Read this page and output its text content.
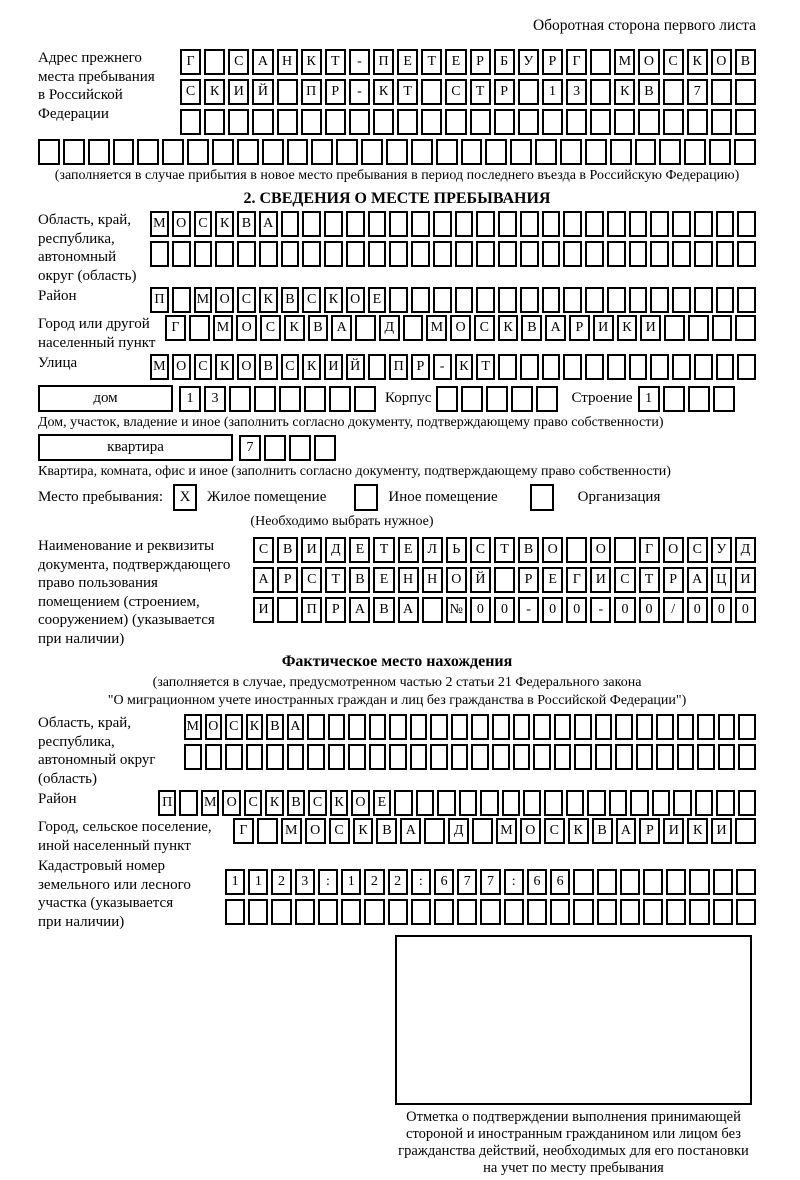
Оборотная сторона первого листа
Адрес прежнего
места пребывания
в Российской
Федерации
Г	С	А	Н	К	Т	-	П	Е	Т	Е	Р	Б	У	Р	Г	М О	С	К	О	В
С	К	И	Й	П	Р	-	К	Т	С	Т	Р	1	3	К	В	7
(заполняется в случае прибытия в новое место пребывания в период последнего въезда в Российскую Федерацию)
2. СВЕДЕНИЯ О МЕСТЕ ПРЕБЫВАНИЯ
Область, край,
республика,
автономный
округ (область)
М О С К В А
Район	П	М О С К В С К О Е
Город или другой
населенный пункт
Г	М О	С	К	В	А	Д	М О	С	К	В	А	Р	И	К	И
Улица	М О С К О В С К И Й	П Р	-	К Т
дом	1	3	Корпус	Строение 1
Дом, участок, владение и иное (заполнить согласно документу, подтверждающему право собственности)
квартира	7
Квартира, комната, офис и иное (заполнить согласно документу, подтверждающему право собственности)
Место пребывания:	X	Жилое помещение	Иное помещение	Организация
(Необходимо выбрать нужное)
Наименование и реквизиты
документа, подтверждающего
право пользования
помещением (строением,
сооружением) (указывается
при наличии)
С	В	И	Д	Е	Т	Е	Л	Ь	С	Т	В	О	О	Г	О	С	У	Д
А	Р	С	Т	В	Е	Н Н О Й	Р	Е	Г	И	С	Т	Р	А Ц И
И	П	Р	А	В	А	№ 0	0	-	0	0	-	0	0	/	0	0	0
Фактическое место нахождения
(заполняется в случае, предусмотренном частью 2 статьи 21 Федерального закона
"О миграционном учете иностранных граждан и лиц без гражданства в Российской Федерации")
Область, край,
республика,
автономный округ
(область)
М О С К В А
Район	П М О С К В С К О Е
Город, сельское поселение,
иной населенный пункт
Г	М О	С	К	В	А	Д	М О	С	К	В	А	Р	И	К	И
Кадастровый номер
земельного или лесного
участка (указывается
при наличии)
1	1	2	3	:	1	2	2	:	6	7	7	:	6	6
Отметка о подтверждении выполнения принимающей
стороной и иностранным гражданином или лицом без
гражданства действий, необходимых для его постановки
на учет по месту пребывания
